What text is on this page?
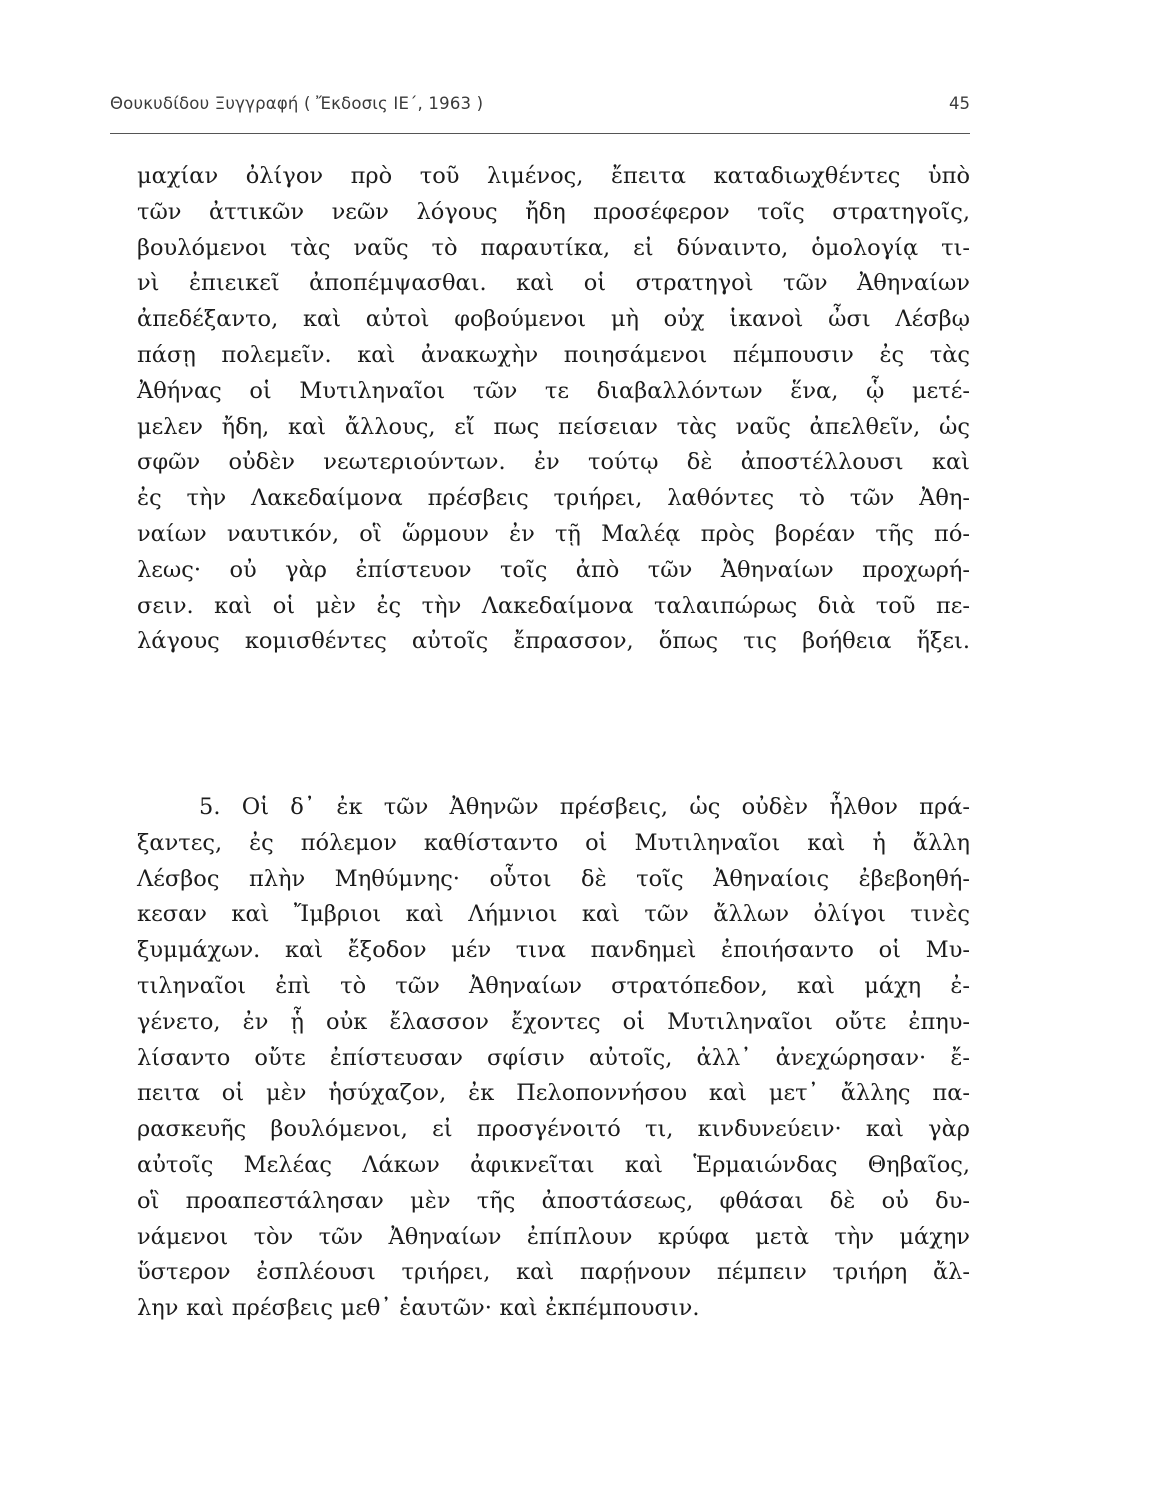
Θουκυδίδου Ξυγγραφή ( Ἔκδοσις ΙΕ΄, 1963 )	45
μαχίαν ὀλίγον πρὸ τοῦ λιμένος, ἔπειτα καταδιωχθέντες ὑπὸ
τῶν ἀττικῶν νεῶν λόγους ἤδη προσέφερον τοῖς στρατηγοῖς,
βουλόμενοι τὰς ναῦς τὸ παραυτίκα, εἰ δύναιντο, ὁμολογίᾳ τι-
νὶ ἐπιεικεῖ ἀποπέμψασθαι. καὶ οἱ στρατηγοὶ τῶν Ἀθηναίων
ἀπεδέξαντο, καὶ αὐτοὶ φοβούμενοι μὴ οὐχ ἱκανοὶ ὦσι Λέσβῳ
πάσῃ πολεμεῖν. καὶ ἀνακωχὴν ποιησάμενοι πέμπουσιν ἐς τὰς
Ἀθήνας οἱ Μυτιληναῖοι τῶν τε διαβαλλόντων ἕνα, ᾧ μετέ-
μελεν ἤδη, καὶ ἄλλους, εἴ πως πείσειαν τὰς ναῦς ἀπελθεῖν, ὡς
σφῶν οὐδὲν νεωτεριούντων. ἐν τούτῳ δὲ ἀποστέλλουσι καὶ
ἐς τὴν Λακεδαίμονα πρέσβεις τριήρει, λαθόντες τὸ τῶν Ἀθη-
ναίων ναυτικόν, οἳ ὥρμουν ἐν τῇ Μαλέᾳ πρὸς βορέαν τῆς πό-
λεως· οὐ γὰρ ἐπίστευον τοῖς ἀπὸ τῶν Ἀθηναίων προχωρή-
σειν. καὶ οἱ μὲν ἐς τὴν Λακεδαίμονα ταλαιπώρως διὰ τοῦ πε-
λάγους κομισθέντες αὐτοῖς ἔπρασσον, ὅπως τις βοήθεια ἥξει.
5. Οἱ δ᾽ ἐκ τῶν Ἀθηνῶν πρέσβεις, ὡς οὐδὲν ἦλθον πρά-
ξαντες, ἐς πόλεμον καθίσταντο οἱ Μυτιληναῖοι καὶ ἡ ἄλλη
Λέσβος πλὴν Μηθύμνης· οὗτοι δὲ τοῖς Ἀθηναίοις ἐβεβοηθή-
κεσαν καὶ Ἴμβριοι καὶ Λήμνιοι καὶ τῶν ἄλλων ὀλίγοι τινὲς
ξυμμάχων. καὶ ἔξοδον μέν τινα πανδημεὶ ἐποιήσαντο οἱ Μυ-
τιληναῖοι ἐπὶ τὸ τῶν Ἀθηναίων στρατόπεδον, καὶ μάχη ἐ-
γένετο, ἐν ᾗ οὐκ ἔλασσον ἔχοντες οἱ Μυτιληναῖοι οὔτε ἐπηυ-
λίσαντο οὔτε ἐπίστευσαν σφίσιν αὐτοῖς, ἀλλ᾽ ἀνεχώρησαν· ἔ-
πειτα οἱ μὲν ἡσύχαζον, ἐκ Πελοποννήσου καὶ μετ᾽ ἄλλης πα-
ρασκευῆς βουλόμενοι, εἰ προσγένοιτό τι, κινδυνεύειν· καὶ γὰρ
αὐτοῖς Μελέας Λάκων ἀφικνεῖται καὶ Ἑρμαιώνδας Θηβαῖος,
οἳ προαπεστάλησαν μὲν τῆς ἀποστάσεως, φθάσαι δὲ οὐ δυ-
νάμενοι τὸν τῶν Ἀθηναίων ἐπίπλουν κρύφα μετὰ τὴν μάχην
ὕστερον ἐσπλέουσι τριήρει, καὶ παρῄνουν πέμπειν τριήρη ἄλ-
λην καὶ πρέσβεις μεθ᾽ ἑαυτῶν· καὶ ἐκπέμπουσιν.
